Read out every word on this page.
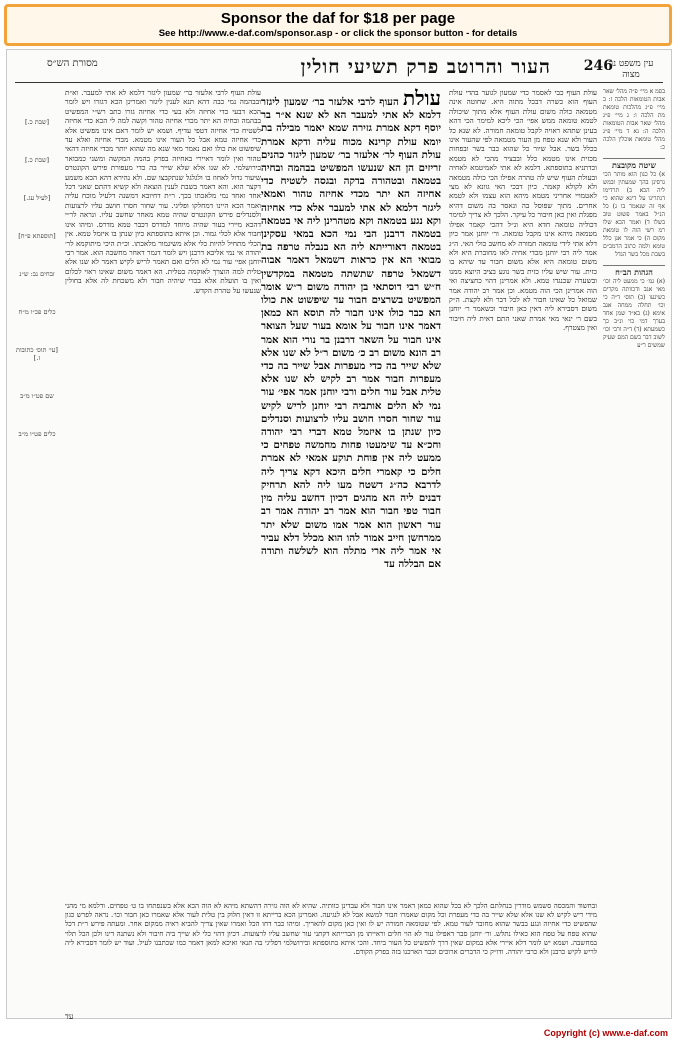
Sponsor the daf for $18 per page
See http://www.e-daf.com/sponsor.asp - or click the sponsor button - for details
מסורת הש״ס	העור והרוטב פרק תשיעי חולין 246
עין משפט נר מצוה
בסמ א מיי׳ פ״ה מהל׳ שאר אבות הטומאות הלכה ז: ב מיי׳ פ״ג מהלכות טומאת מת הלכה ו: ג מיי׳ פ״ג מהל׳ שאר אבות הטומאות הלכה ה: נא ד מיי׳ פ״ג מהל׳ טומאת אוכלין הלכה כ:
שיטה מקובצת
א) כל כגון הוא מותר הכי גרסינן בהך שמעתין ובמש ליה הכא ב) תרדימו דנתרינו על דינא שהוא כי אף זה שנאמר בו ג) כל הנ״ל באמר פשוט טוב בשלו ד) ואמר הכא שלו רמ רשי הוה לו טומאת מקום ה) כי אמר אנן כלל טומא ולמה כתוב הרמב״ם בשבת מכל בשר הגדל
הגהות הב״ח
(א) גמ׳ כי ממעט ליה וכו׳ מאי אגב ודכוותה מקרים כשיגעו (ב) תוס׳ ד״ה כי וכו׳ תחלה ממחה אגב אימא (ג) בא״ד שמן אחד בערך דמי כוי ונ״ב כך כשמעתא (ד) ד״ה ורבי וכו׳ לשוב דבר בשם המם שעיק שמשים ר״ע
עולת העוף כבי לאסמר כדי שמעון לגוער בהדי עולת העוף הוא כשרה דבכל מתוה היא. שחוטה אינה מטמאה כולה משום עולת העוף אלא מתוך שיכולה לטמא טומאה ממש אפי׳ הכי ליכא למימר הכי דהא בעינן שתהא ראויה לקבל טומאה חמורה. לא שנא כל העור ולא שנא טפח מן העור מטמאה לפי שהעור אינו בכלל בשר. אבל שיור כל שהוא כבר בשר ובפחות מכזית אינו מטמא כלל ובבציר מהכי לא מטמא וכדתניא בתוספתא. דלמא לא אתי לאמיטמא לאחיה ובעולת העוף שיש לה טהרה אפילו הכי כולה מטמאה ולא לקולא קאמר. כיון דבכי האי גוונא לא מצי לאטמויי אחריני מטמא מיהא הוא עצמו ולא לטמא אחרים. מתוך שפוסל בה ונאסר בה משום דהיא מפגלת ואין כאן חיבור כל עיקר. הלכך לא צריך למימר דכוליה טומאה חדא היא ונ״ל דהכי קאמר אפילו מטמאה מיהא אינו מקבל טומאה. ור׳ יוחנן אמר כיון דלא אתי לידי טומאה חמורה לא מחשב כולי האי. ה״ג אמר ליה רבי יוחנן מכדי אחיה לאו מחוברת היא ולא משום טומאה היא אלא משום חבור עד שיהא בו כזית. עור שיש עליו כזית בשר נוגע בציב היוצא ממנו ובשערה שכנגדו טמא. ולא אמרינן דהוי כחציצה ואי הוה אמרינן הכי הוה מטמא. וכן אמר רב יהודה אמר שמואל כל שאינו חבור לא לכל דבר ולא לקצת. ה״ק משום דסבירא ליה דאין כאן חיבור וכשאמר ר׳ יוחנן בשם ר׳ ינאי מאי אמרת שאני התם דאית ליה חיבור ואין מצטרף.
עולת העוף לרבי אלעזר בר׳ שמעון ליגזר דלמא לא אתי למעבר הא לא שנא א״ר בר יוסף דקא אמרת גזירה שמא יאמר מבילה בת יומא עולת קרינא מכוח עליה ודקא אמרת עולת העוף לר׳ אלעזר בר׳ שמעון ליגזר כהנים זריזים הן הא שנעשו המפשיט בבהמה ובחיה בטמאה ובטהורה בדקה ובגסה לשטיח כדי אחיזה הא יתר מכדי אחיזה טהור ואמאי ליגזר דלמא לא אתי למעבר אלא כדי אחיזה וקא נגע בטמאה וקא מטהרינן ליה אי בטמאה בטמאה דרבנן הבי נמי הכא במאי עסקינן בטמאה דאורייתא ליה הא בנבלה טרפה בת מבואי הא אין כראות דשמאל דאמר אבוה דשמאל טרפה שתשתה מטמאה במקדשין ח״ש רבי דוסתאי בן יהודה משום ר״ש אומר המפשיט בשרצים חבור עד שיפשוט את כולו הא כבר כולו אינו חבור לה תוסא הא כמאן דאמר אינו חבור על אומא בעור שעל הצואר אינו חבור על השאר דרבנן בר נורי הוא אמר רב הונא משום רב כ׳ משום ר״ל לא שנו אלא שלא שייר בה כדי מעפרות אבל שייר בה כדי מעפרות חבור אמר רב לקיש לא שנו אלא טלית אבל עור חלים ורבי יוחנן אמר אפי׳ עור נמי לא הלים אותביה רבי יוחנן לריש לקיש עור שחור חסרו חושב עליו לרצועות וסנדלים כיון שנתן בו איזמל טמא דברי רבי יהודה וחכ״א עד שימעטו פחות מחמשה טפחים כי ממעט ליה אין פוחת תוקע אמאי לא אמרת חלים כי קאמרי חלים היכא דקא צריך ליה לדרבא כה״ג דשטח מעו ליה להא תרחיק דבנים ליה הא מהגים דכיון דחשב עליה מין חבור טפי חבור הוא אמר רב יהודה אמר רב עור ראשון הוא אמר אמו משום שלא יתר ממרחשן חייב אמור להו הוא מכלל דלא עביר אי אמר ליה ארי מתלה הוא לשלשה ותודה אם הבללה עד
עולת העוף לרבי אלעזר בר׳ שמעון ליגזר דלמא לא אתי למעבר. וא״ת ובבהמה נמי כבה דהא תנא לענין ליגזר ואמרינן הכא דגזרו ויש לומר הכא דבעי כדי אחיזה ולא בעי כדי אחיזה גזרו כתב רש״י המפשיט בבהמה ובחיה הא יתר מכדי אחיזה טהור וקשה למה לי הכא כדי אחיזה לשטיח כדי אחיזה דטפי עדיף. ושמא יש לומר דאם אינו מפשיט אלא כדי אחיזה טמא אבל כל העור אינו מטמא. מכדי אחיזה ואלא עד שיפשוט את כולו ואם נאמר מאי שנא מה שהוא יותר מכדי אחיזה דהאי טהור ואין לומר דאיירי באחיזה בפרק בהמה המקשה ומשני כמבואר בירושלמי. לא שנו אלא שלא שייר בה כדי מעפורת פירש הקונטרס שיעור גדול לאחוז בו ולגלגל שנתקבצו שם. ולא נהירא דהא הכא משמע דקצר הוא. והא דאמר בשבת לענין הוצאה ולא קשיא דהתם שאני דכל אחד ואחד נמי מלאכתו בכך. ר״ת דחיובא דמשנה דלעיל מוכח עליה ואמר הכא היינו דמחלקו ופליגי. עור שחור חסרו חושב עליו לרצועות ולסנדלים פירש הקונטרס שהיה טמא מאחר שחשב עליו. ונראה לר״י דהכא מיירי בעור שהיה מיוחד למדרס דכבר טמא מדרס. ומיהו אינו חבור אלא לכלי גמור. וכן איתא בתוספתא כיון שנתן בו איזמל טמא. אין הכלי מתחיל להיות כלי אלא משיגמור מלאכתו. וכ״ת היכי מיתוקמא לר׳ יהודה אי נמי אליבא דרבנן ויש לומר דגמר דאחר מחשבה הוא. אמר רבי יוחנן אפי׳ עור נמי לא הלים ואם תאמר לריש לקיש דאמר לא שנו אלא טלית למה הוצרך לאוקמה בטלית. הא דאמר משום שאינו ראוי לכלום ואין בו תועלת אלא בכדי שיהיה חבור ולא משכחת לה אלא בחולין שנעשו על טהרת הקדש.
[שבת כ.]
[שבת כ.]
[לעיל עג.]
[תוספתא פ״ח]
זבחים נב: ש״נ
כלים פכ״ו מ״ח
[עי׳ תוס׳ כתובות ז.]
שם פט״ו מ״ב
כלים פט״ו מ״ב
ובחשוד והמכסה סשמש מודרין בנחלתם הלכך לא בכל שהוא כמאן דאמר אינו חבור ולא עבדינן כוותיה. שהיא לא הוה גזירה דהשתא מיהא לא הוה הכא אלא בשנפתחו בו ט׳ טפחים. ודלמא מי מהני מידי ריש לקיש לא שנו אלא שלא שייר בה כדי מעפרת וכל מקום שאמרו חבור למשא אבל לא לנגיעה. ואמרינן הכא ברייתא זו דאין חלוק בין טלית לעור אלא שאמרו כאן חבור וכו׳. נראה לפרש כגון שהפשיט כדי אחיזה ונגע בבשר שהוא מחובר לעור טמא. לפי שטומאה חמורה יש לו ואין כאן מקום להאריך. ומיהו כבר דחו הכל ואמרו שאין צריך להביא ראיה ממקום אחר. ומעתה פירש ר״ת דכל שהוא טפח על טפח הוא כאילו נתלש. ור׳ יוחנן סבר דאפילו עור לא הוי חלים וראייתו מן הברייתא דקתני עור שחשב עליו לרצועות. דכיון דהוי כלי לא שייך ביה חיבור ולא נשתנה דינו ולכן הכל תלוי במחשבה. ושמא יש לומר דלא איירי אלא במקום שאין דרך להפשיט כל העור ביחד. והכי איתא בתוספתא ובירושלמי דפליגי בה תנאי ואיכא למאן דאמר כמו שכתבנו לעיל. ועוד יש לומר דסבירא ליה לריש לקיש כרבנן ולא כרבי יהודה. ודו״ק כי הדברים ארוכים וכבר הארכנו בזה בפרק הקודם.
עד
Copyright (c) www.e-daf.com
